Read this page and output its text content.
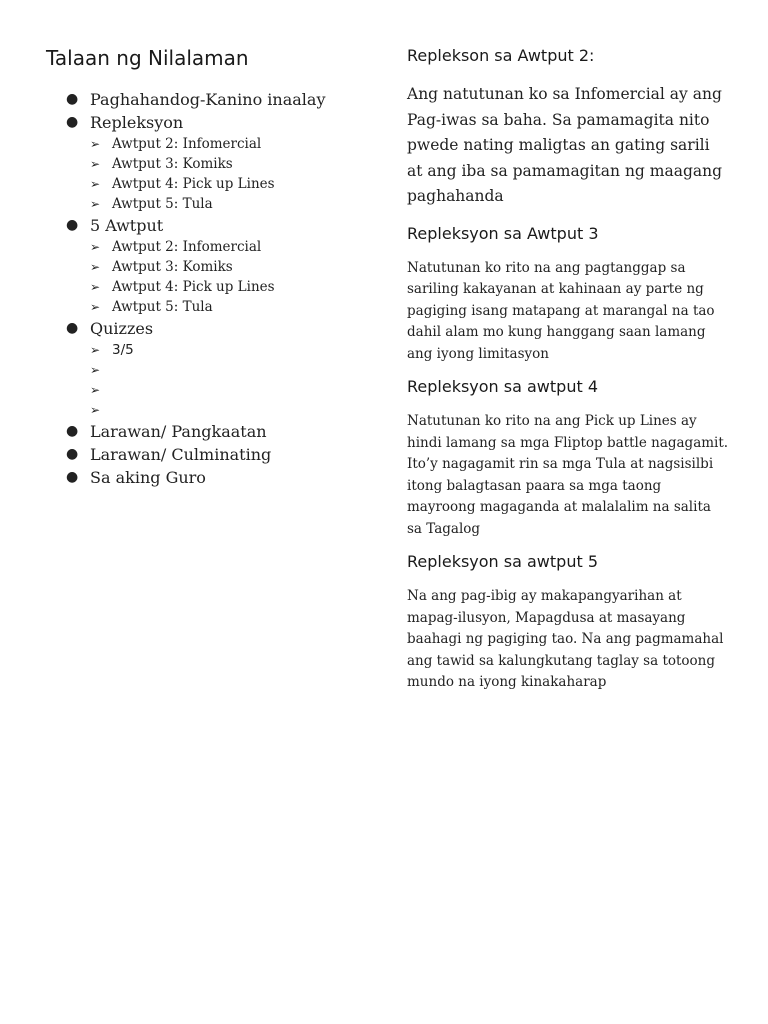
Talaan ng Nilalaman
● Paghahandog-Kanino inaalay
● Repleksyon
➢ Awtput 2: Infomercial
➢ Awtput 3: Komiks
➢ Awtput 4: Pick up Lines
➢ Awtput 5: Tula
● 5 Awtput
➢ Awtput 2: Infomercial
➢ Awtput 3: Komiks
➢ Awtput 4: Pick up Lines
➢ Awtput 5: Tula
● Quizzes
➢ 3/5
➢
➢
➢
● Larawan/ Pangkaatan
● Larawan/ Culminating
● Sa aking Guro
Replekson sa Awtput 2:

Ang natutunan ko sa Infomercial ay ang Pag-iwas sa baha. Sa pamamagita nito pwede nating maligtas an gating sarili at ang iba sa pamamagitan ng maagang paghahanda

Repleksyon sa Awtput 3

Natutunan ko rito na ang pagtanggap sa sariling kakayanan at kahinaan ay parte ng pagiging isang matapang at marangal na tao dahil alam mo kung hanggang saan lamang ang iyong limitasyon

Repleksyon sa awtput 4

Natutunan ko rito na ang Pick up Lines ay hindi lamang sa mga Fliptop battle nagagamit. Ito’y nagagamit rin sa mga Tula at nagsisilbi itong balagtasan paara sa mga taong mayroong magaganda at malalalim na salita sa Tagalog

Repleksyon sa awtput 5

Na ang pag-ibig ay makapangyarihan at mapag-ilusyon, Mapagdusa at masayang baahagi ng pagiging tao. Na ang pagmamahal ang tawid sa kalungkutang taglay sa totoong mundo na iyong kinakaharap
